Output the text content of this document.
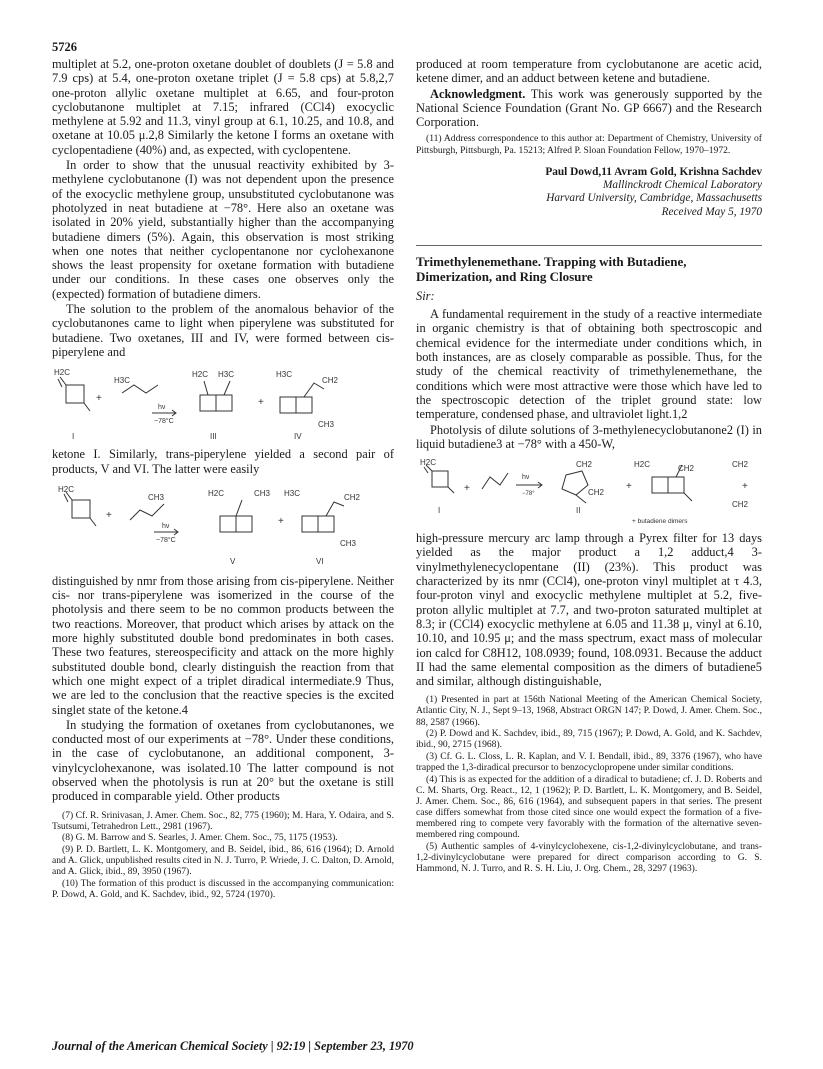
5726

multiplet at 5.2, one-proton oxetane doublet of doublets (J = 5.8 and 7.9 cps) at 5.4, one-proton oxetane triplet (J = 5.8 cps) at 5.8,2,7 one-proton allylic oxetane multiplet at 6.65, and four-proton cyclobutanone multiplet at 7.15; infrared (CCl4) exocyclic methylene at 5.92 and 11.3, vinyl group at 6.1, 10.25, and 10.8, and oxetane at 10.05 μ.2,8 Similarly the ketone I forms an oxetane with cyclopentadiene (40%) and, as expected, with cyclopentene.

In order to show that the unusual reactivity exhibited by 3-methylene cyclobutanone (I) was not dependent upon the presence of the exocyclic methylene group, unsubstituted cyclobutanone was photolyzed in neat butadiene at −78°. Here also an oxetane was isolated in 20% yield, substantially higher than the accompanying butadiene dimers (5%). Again, this observation is most striking when one notes that neither cyclopentanone nor cyclohexanone shows the least propensity for oxetane formation with butadiene under our conditions. In these cases one observes only the (expected) formation of butadiene dimers.

The solution to the problem of the anomalous behavior of the cyclobutanones came to light when piperylene was substituted for butadiene. Two oxetanes, III and IV, were formed between cis-piperylene and

H2C
H3C
hν
−78°C
H2C H3C	H3C
CH2
CH3
+	+
I	III	IV

ketone I. Similarly, trans-piperylene yielded a second pair of products, V and VI. The latter were easily

H2C
CH3
hν
−78°C
H2C	CH3 H3C	CH2
CH3
+
+
V	VI

distinguished by nmr from those arising from cis-piperylene. Neither cis- nor trans-piperylene was isomerized in the course of the photolysis and there seem to be no common products between the two reactions. Moreover, that product which arises by attack on the more highly substituted double bond predominates in both cases. These two features, stereospecificity and attack on the more highly substituted double bond, clearly distinguish the reaction from that which one might expect of a triplet diradical intermediate.9 Thus, we are led to the conclusion that the reactive species is the excited singlet state of the ketone.4

In studying the formation of oxetanes from cyclobutanones, we conducted most of our experiments at −78°. Under these conditions, in the case of cyclobutanone, an additional component, 3-vinylcyclohexanone, was isolated.10 The latter compound is not observed when the photolysis is run at 20° but the oxetane is still produced in comparable yield. Other products

(7) Cf. R. Srinivasan, J. Amer. Chem. Soc., 82, 775 (1960); M. Hara, Y. Odaira, and S. Tsutsumi, Tetrahedron Lett., 2981 (1967).

(8) G. M. Barrow and S. Searles, J. Amer. Chem. Soc., 75, 1175 (1953).

(9) P. D. Bartlett, L. K. Montgomery, and B. Seidel, ibid., 86, 616 (1964); D. Arnold and A. Glick, unpublished results cited in N. J. Turro, P. Wriede, J. C. Dalton, D. Arnold, and A. Glick, ibid., 89, 3950 (1967).

(10) The formation of this product is discussed in the accompanying communication: P. Dowd, A. Gold, and K. Sachdev, ibid., 92, 5724 (1970).

produced at room temperature from cyclobutanone are acetic acid, ketene dimer, and an adduct between ketene and butadiene.

Acknowledgment. This work was generously supported by the National Science Foundation (Grant No. GP 6667) and the Research Corporation.

(11) Address correspondence to this author at: Department of Chemistry, University of Pittsburgh, Pittsburgh, Pa. 15213; Alfred P. Sloan Foundation Fellow, 1970–1972.

Paul Dowd,11 Avram Gold, Krishna Sachdev
Mallinckrodt Chemical Laboratory
Harvard University, Cambridge, Massachusetts
Received May 5, 1970
Trimethylenemethane. Trapping with Butadiene, Dimerization, and Ring Closure
Sir:

A fundamental requirement in the study of a reactive intermediate in organic chemistry is that of obtaining both spectroscopic and chemical evidence for the intermediate under conditions which, in both instances, are as closely comparable as possible. Thus, for the study of the chemical reactivity of trimethylenemethane, the conditions which were most attractive were those which have led to the spectroscopic detection of the triplet ground state: low temperature, condensed phase, and ultraviolet light.1,2

Photolysis of dilute solutions of 3-methylenecyclobutanone2 (I) in liquid butadiene3 at −78° with a 450-W,

H2C
hν
−78°
CH2
CH2
H2C	CH2	CH2
CH2
+	+	+
I	II
+ butadiene dimers

high-pressure mercury arc lamp through a Pyrex filter for 13 days yielded as the major product a 1,2 adduct,4 3-vinylmethylenecyclopentane (II) (23%). This product was characterized by its nmr (CCl4), one-proton vinyl multiplet at τ 4.3, four-proton vinyl and exocyclic methylene multiplet at 5.2, five-proton allylic multiplet at 7.7, and two-proton saturated multiplet at 8.3; ir (CCl4) exocyclic methylene at 6.05 and 11.38 μ, vinyl at 6.10, 10.10, and 10.95 μ; and the mass spectrum, exact mass of molecular ion calcd for C8H12, 108.0939; found, 108.0931. Because the adduct II had the same elemental composition as the dimers of butadiene5 and similar, although distinguishable,

(1) Presented in part at 156th National Meeting of the American Chemical Society, Atlantic City, N. J., Sept 9–13, 1968, Abstract ORGN 147; P. Dowd, J. Amer. Chem. Soc., 88, 2587 (1966).

(2) P. Dowd and K. Sachdev, ibid., 89, 715 (1967); P. Dowd, A. Gold, and K. Sachdev, ibid., 90, 2715 (1968).

(3) Cf. G. L. Closs, L. R. Kaplan, and V. I. Bendall, ibid., 89, 3376 (1967), who have trapped the 1,3-diradical precursor to benzocyclopropene under similar conditions.

(4) This is as expected for the addition of a diradical to butadiene; cf. J. D. Roberts and C. M. Sharts, Org. React., 12, 1 (1962); P. D. Bartlett, L. K. Montgomery, and B. Seidel, J. Amer. Chem. Soc., 86, 616 (1964), and subsequent papers in that series. The present case differs somewhat from those cited since one would expect the formation of a five-membered ring to compete very favorably with the formation of the alternative seven-membered ring compound.

(5) Authentic samples of 4-vinylcyclohexene, cis-1,2-divinylcyclobutane, and trans-1,2-divinylcyclobutane were prepared for direct comparison according to G. S. Hammond, N. J. Turro, and R. S. H. Liu, J. Org. Chem., 28, 3297 (1963).

Journal of the American Chemical Society | 92:19 | September 23, 1970
